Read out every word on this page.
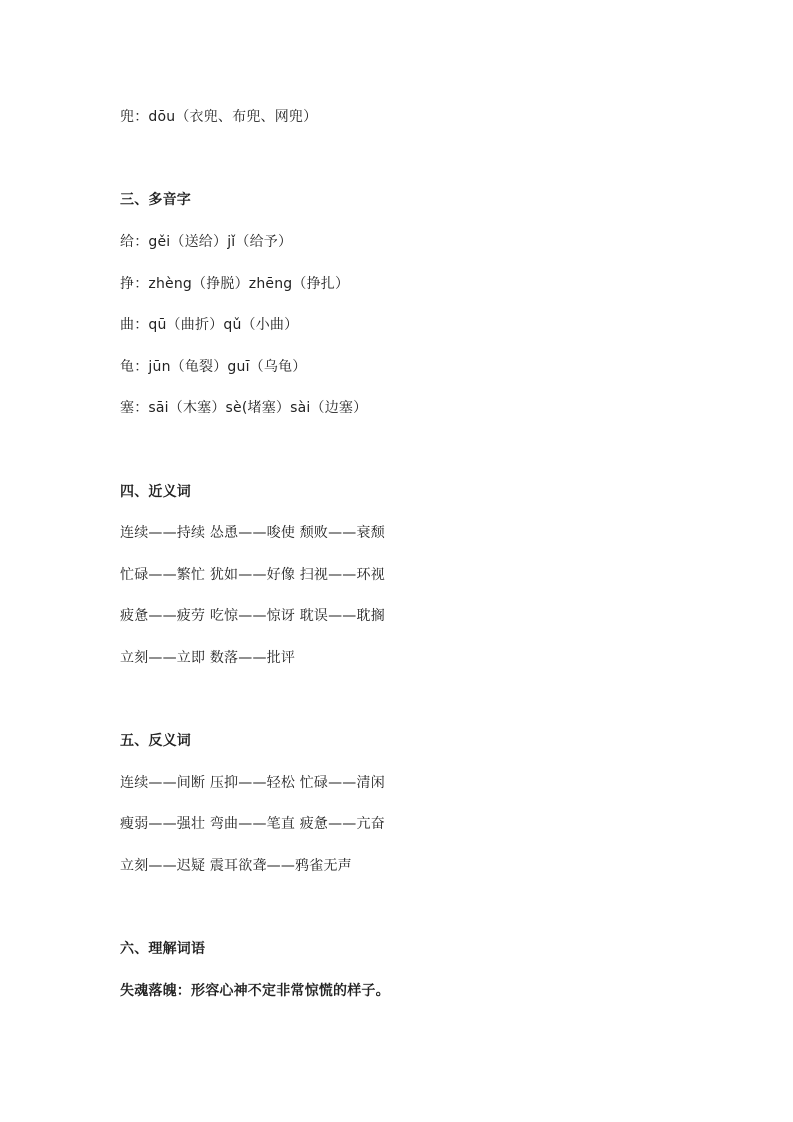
兜：dōu（衣兜、布兜、网兜）
三、多音字
给：gěi（送给）jǐ（给予）
挣：zhèng（挣脱）zhēng（挣扎）
曲：qū（曲折）qǔ（小曲）
龟：jūn（龟裂）guī（乌龟）
塞：sāi（木塞）sè(堵塞）sài（边塞）
四、近义词
连续——持续 怂恿——唆使 颓败——衰颓
忙碌——繁忙 犹如——好像 扫视——环视
疲惫——疲劳 吃惊——惊讶 耽误——耽搁
立刻——立即 数落——批评
五、反义词
连续——间断 压抑——轻松 忙碌——清闲
瘦弱——强壮 弯曲——笔直 疲惫——亢奋
立刻——迟疑 震耳欲聋——鸦雀无声
六、理解词语
失魂落魄：形容心神不定非常惊慌的样子。
